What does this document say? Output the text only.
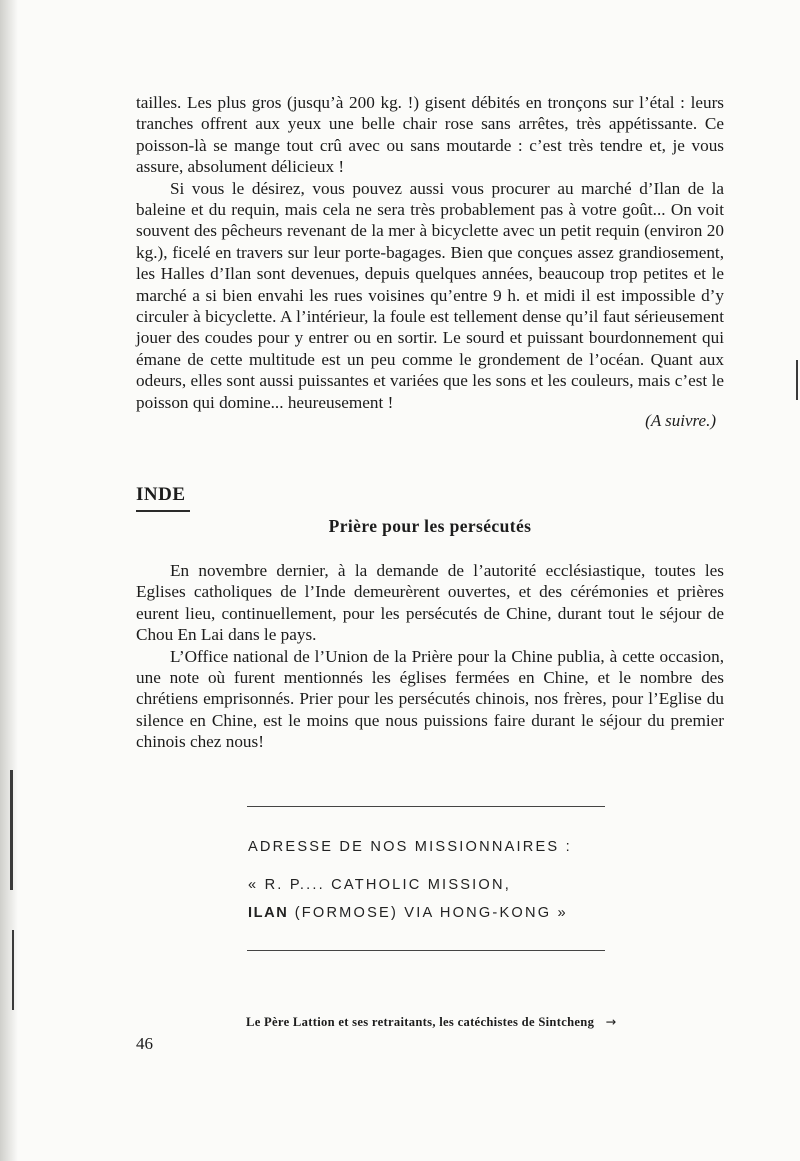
tailles. Les plus gros (jusqu’à 200 kg. !) gisent débités en tronçons sur l’étal : leurs tranches offrent aux yeux une belle chair rose sans arrêtes, très appétissante. Ce poisson-là se mange tout crû avec ou sans moutarde : c’est très tendre et, je vous assure, absolument délicieux !

Si vous le désirez, vous pouvez aussi vous procurer au marché d’Ilan de la baleine et du requin, mais cela ne sera très probablement pas à votre goût... On voit souvent des pêcheurs revenant de la mer à bicyclette avec un petit requin (environ 20 kg.), ficelé en travers sur leur porte-bagages. Bien que conçues assez grandiosement, les Halles d’Ilan sont devenues, depuis quelques années, beaucoup trop petites et le marché a si bien envahi les rues voisines qu’entre 9 h. et midi il est impossible d’y circuler à bicyclette. A l’intérieur, la foule est tellement dense qu’il faut sérieusement jouer des coudes pour y entrer ou en sortir. Le sourd et puissant bourdonnement qui émane de cette multitude est un peu comme le grondement de l’océan. Quant aux odeurs, elles sont aussi puissantes et variées que les sons et les couleurs, mais c’est le poisson qui domine... heureusement !

(A suivre.)
INDE
Prière pour les persécutés

En novembre dernier, à la demande de l’autorité ecclésiastique, toutes les Eglises catholiques de l’Inde demeurèrent ouvertes, et des cérémonies et prières eurent lieu, continuellement, pour les persécutés de Chine, durant tout le séjour de Chou En Lai dans le pays.

L’Office national de l’Union de la Prière pour la Chine publia, à cette occasion, une note où furent mentionnés les églises fermées en Chine, et le nombre des chrétiens emprisonnés. Prier pour les persécutés chinois, nos frères, pour l’Eglise du silence en Chine, est le moins que nous puissions faire durant le séjour du premier chinois chez nous!

ADRESSE DE NOS MISSIONNAIRES :
« R. P.... CATHOLIC MISSION,
ILAN (FORMOSE) VIA HONG-KONG »
Le Père Lattion et ses retraitants, les catéchistes de Sintcheng →
46
